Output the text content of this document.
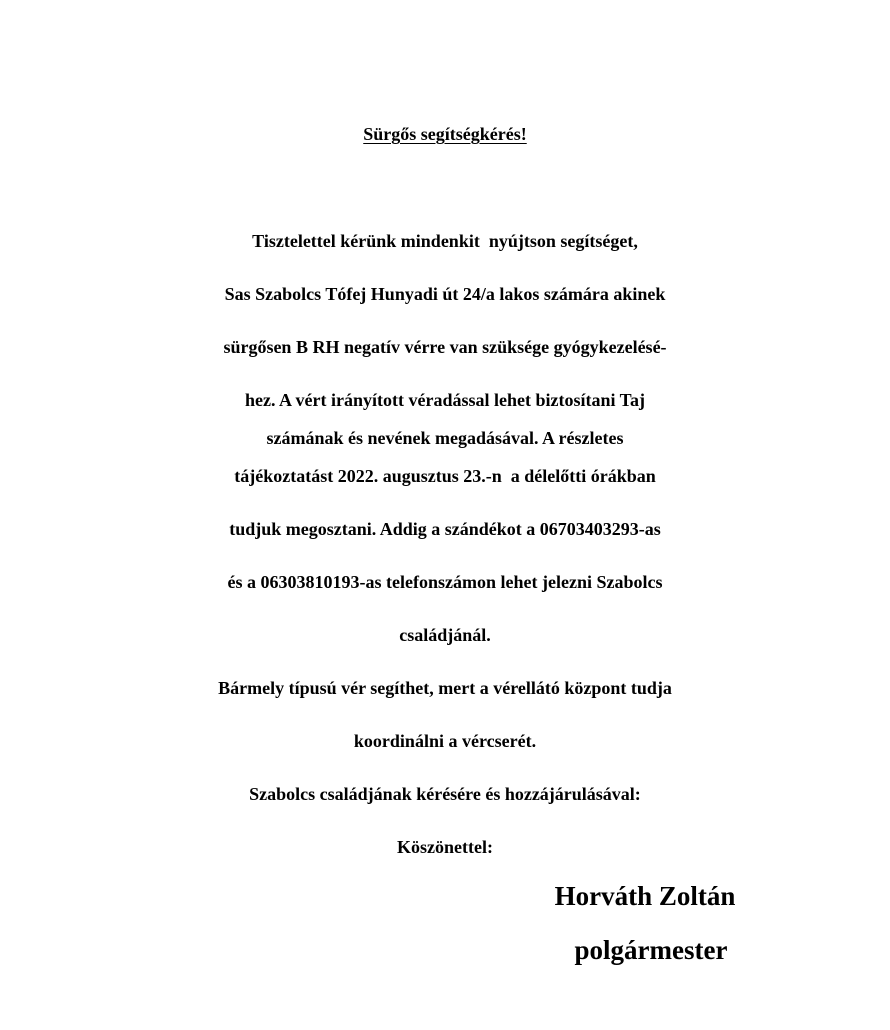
Sürgős segítségkérés!
Tisztelettel kérünk mindenkit  nyújtson segítséget,
Sas Szabolcs Tófej Hunyadi út 24/a lakos számára akinek
sürgősen B RH negatív vérre van szüksége gyógykezelésé-
hez. A vért irányított véradással lehet biztosítani Taj
számának és nevének megadásával. A részletes
tájékoztatást 2022. augusztus 23.-n  a délelőtti órákban
tudjuk megosztani. Addig a szándékot a 06703403293-as
és a 06303810193-as telefonszámon lehet jelezni Szabolcs
családjánál.
Bármely típusú vér segíthet, mert a vérellátó központ tudja
koordinálni a vércserét.
Szabolcs családjának kérésére és hozzájárulásával:
Köszönettel:
Horváth Zoltán
polgármester
